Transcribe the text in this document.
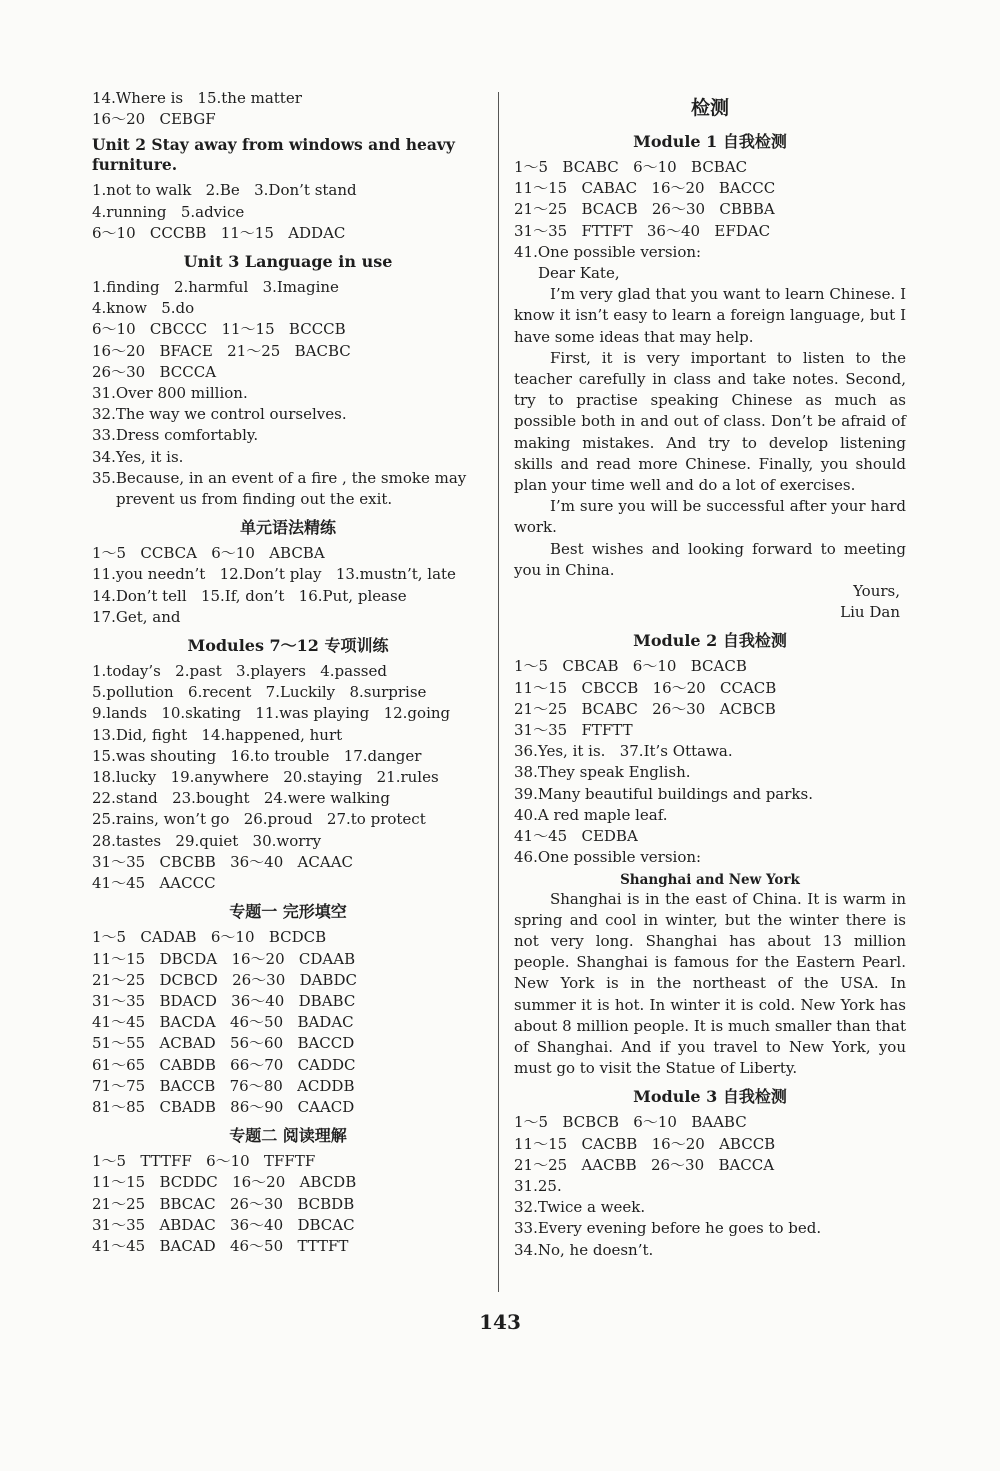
14.Where is   15.the matter
16～20   CEBGF
Unit 2 Stay away from windows and heavy furniture.
1.not to walk   2.Be   3.Don’t stand
4.running   5.advice
6～10   CCCBB   11～15   ADDAC
Unit 3 Language in use
1.finding   2.harmful   3.Imagine
4.know   5.do
6～10   CBCCC   11～15   BCCCB
16～20   BFACE   21～25   BACBC
26～30   BCCCA
31.Over 800 million.
32.The way we control ourselves.
33.Dress comfortably.
34.Yes, it is.
35.Because, in an event of a fire , the smoke may
prevent us from finding out the exit.
单元语法精练
1～5   CCBCA   6～10   ABCBA
11.you needn’t   12.Don’t play   13.mustn’t, late
14.Don’t tell   15.If, don’t   16.Put, please
17.Get, and
Modules 7～12 专项训练
1.today’s   2.past   3.players   4.passed
5.pollution   6.recent   7.Luckily   8.surprise
9.lands   10.skating   11.was playing   12.going
13.Did, fight   14.happened, hurt
15.was shouting   16.to trouble   17.danger
18.lucky   19.anywhere   20.staying   21.rules
22.stand   23.bought   24.were walking
25.rains, won’t go   26.proud   27.to protect
28.tastes   29.quiet   30.worry
31～35   CBCBB   36～40   ACAAC
41～45   AACCC
专题一 完形填空
1～5   CADAB   6～10   BCDCB
11～15   DBCDA   16～20   CDAAB
21～25   DCBCD   26～30   DABDC
31～35   BDACD   36～40   DBABC
41～45   BACDA   46～50   BADAC
51～55   ACBAD   56～60   BACCD
61～65   CABDB   66～70   CADDC
71～75   BACCB   76～80   ACDDB
81～85   CBADB   86～90   CAACD
专题二 阅读理解
1～5   TTTFF   6～10   TFFTF
11～15   BCDDC   16～20   ABCDB
21～25   BBCAC   26～30   BCBDB
31～35   ABDAC   36～40   DBCAC
41～45   BACAD   46～50   TTTFT
检测
Module 1 自我检测
1～5   BCABC   6～10   BCBAC
11～15   CABAC   16～20   BACCC
21～25   BCACB   26～30   CBBBA
31～35   FTTFT   36～40   EFDAC
41.One possible version:
Dear Kate,
I’m very glad that you want to learn Chinese. I know it isn’t easy to learn a foreign language, but I have some ideas that may help.
First, it is very important to listen to the teacher carefully in class and take notes. Second, try to practise speaking Chinese as much as possible both in and out of class. Don’t be afraid of making mistakes. And try to develop listening skills and read more Chinese. Finally, you should plan your time well and do a lot of exercises.
I’m sure you will be successful after your hard work.
Best wishes and looking forward to meeting you in China.
Yours,
Liu Dan
Module 2 自我检测
1～5   CBCAB   6～10   BCACB
11～15   CBCCB   16～20   CCACB
21～25   BCABC   26～30   ACBCB
31～35   FTFTT
36.Yes, it is.   37.It’s Ottawa.
38.They speak English.
39.Many beautiful buildings and parks.
40.A red maple leaf.
41～45   CEDBA
46.One possible version:
Shanghai and New York
Shanghai is in the east of China. It is warm in spring and cool in winter, but the winter there is not very long. Shanghai has about 13 million people. Shanghai is famous for the Eastern Pearl. New York is in the northeast of the USA. In summer it is hot. In winter it is cold. New York has about 8 million people. It is much smaller than that of Shanghai. And if you travel to New York, you must go to visit the Statue of Liberty.
Module 3 自我检测
1～5   BCBCB   6～10   BAABC
11～15   CACBB   16～20   ABCCB
21～25   AACBB   26～30   BACCA
31.25.
32.Twice a week.
33.Every evening before he goes to bed.
34.No, he doesn’t.
143
